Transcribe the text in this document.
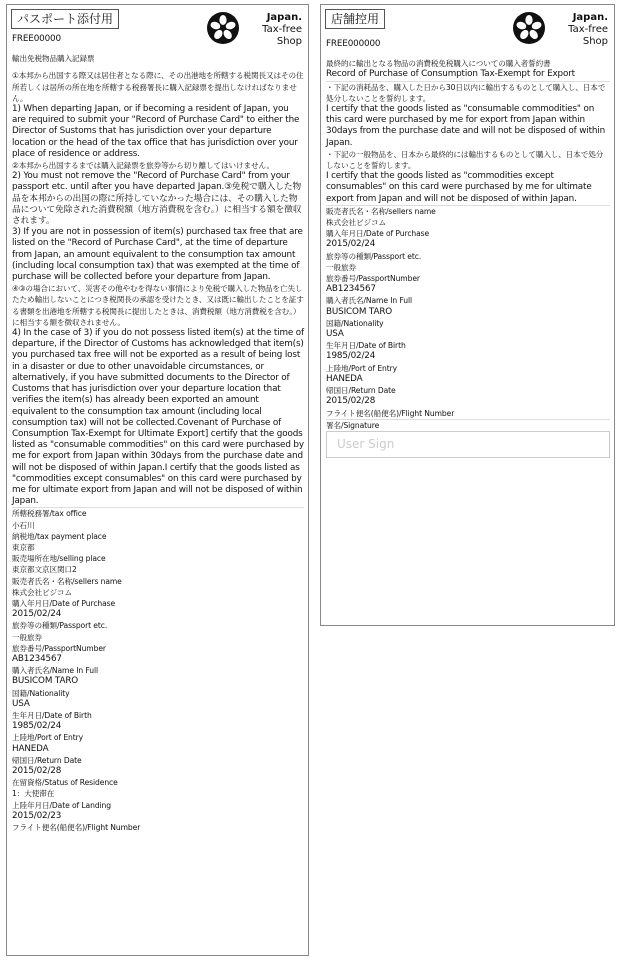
パスポート添付用	Japan.
Tax-free
Shop

FREE00000

輸出免税物品購入記録票

①本邦から出国する際又は居住者となる際に、その出港地を所轄する税関長又はその住所若しくは居所の所在地を所轄する税務署長に購入記録票を提出しなければなりません。

1) When departing Japan, or if becoming a resident of Japan, you are required to submit your "Record of Purchase Card" to either the Director of Sustoms that has jurisdiction over your departure location or the head of the tax office that has jurisdiction over your place of residence or address.

②本邦から出国するまでは購入記録票を旅券等から切り離してはいけません。

2) You must not remove the "Record of Purchase Card" from your passport etc. until after you have departed Japan.③免税で購入した物品を本邦からの出国の際に所持していなかった場合には、その購入した物品について免除された消費税額（地方消費税を含む。）に相当する額を徴収されます。

3) If you are not in possession of item(s) purchased tax free that are listed on the "Record of Purchase Card", at the time of departure from Japan, an amount equivalent to the consumption tax amount (including local consumption tax) that was exempted at the time of purchase will be collected before your departure from Japan.

④③の場合において、災害その他やむを得ない事情により免税で購入した物品を亡失したため輸出しないことにつき税関長の承認を受けたとき、又は既に輸出したことを証する書類を出港地を所轄する税関長に提出したときは、消費税額（地方消費税を含む。）に相当する額を徴収されません。

4) In the case of 3) if you do not possess listed item(s) at the time of departure, if the Director of Customs has acknowledged that item(s) you purchased tax free will not be exported as a result of being lost in a disaster or due to other unavoidable circumstances, or alternatively, if you have submitted documents to the Director of Customs that has jurisdiction over your departure location that verifies the item(s) has already been exported an amount equivalent to the consumption tax amount (including local consumption tax) will not be collected.Covenant of Purchase of Consumption Tax-Exempt for Ultimate Export] certify that the goods listed as "consumable commodities" on this card were purchased by me for export from Japan within 30days from the purchase date and will not be disposed of within Japan.I certify that the goods listed as "commodities except consumables" on this card were purchased by me for ultimate export from Japan and will not be disposed of within Japan.

所轄税務署/tax office
小石川
納税地/tax payment place
東京都
販売場所在地/selling place
東京都文京区関口2
販売者氏名・名称/sellers name
株式会社ビジコム
購入年月日/Date of Purchase
2015/02/24
旅券等の種類/Passport etc.
一般旅券
旅券番号/PassportNumber
AB1234567
購入者氏名/Name In Full
BUSICOM TARO
国籍/Nationality
USA
生年月日/Date of Birth
1985/02/24
上陸地/Port of Entry
HANEDA
帰国日/Return Date
2015/02/28
在留資格/Status of Residence
1：大使滞在
上陸年月日/Date of Landing
2015/02/23
フライト便名(船便名)/Flight Number
店舗控用	Japan.
Tax-free
Shop

FREE000000

最終的に輸出となる物品の消費税免税購入についての購入者誓約書

Record of Purchase of Consumption Tax-Exempt for Export

・下記の消耗品を、購入した日から30日以内に輸出するものとして購入し、日本で処分しないことを誓約します。

I certify that the goods listed as "consumable commodities" on this card were purchased by me for export from Japan within 30days from the purchase date and will not be disposed of within Japan.

・下記の一般物品を、日本から最終的には輸出するものとして購入し、日本で処分しないことを誓約します。

I certify that the goods listed as "commodities except consumables" on this card were purchased by me for ultimate export from Japan and will not be disposed of within Japan.

販売者氏名・名称/sellers name
株式会社ビジコム
購入年月日/Date of Purchase
2015/02/24
旅券等の種類/Passport etc.
一般旅券
旅券番号/PassportNumber
AB1234567
購入者氏名/Name In Full
BUSICOM TARO
国籍/Nationality
USA
生年月日/Date of Birth
1985/02/24
上陸地/Port of Entry
HANEDA
帰国日/Return Date
2015/02/28
フライト便名(船便名)/Flight Number
署名/Signature
User Sign
